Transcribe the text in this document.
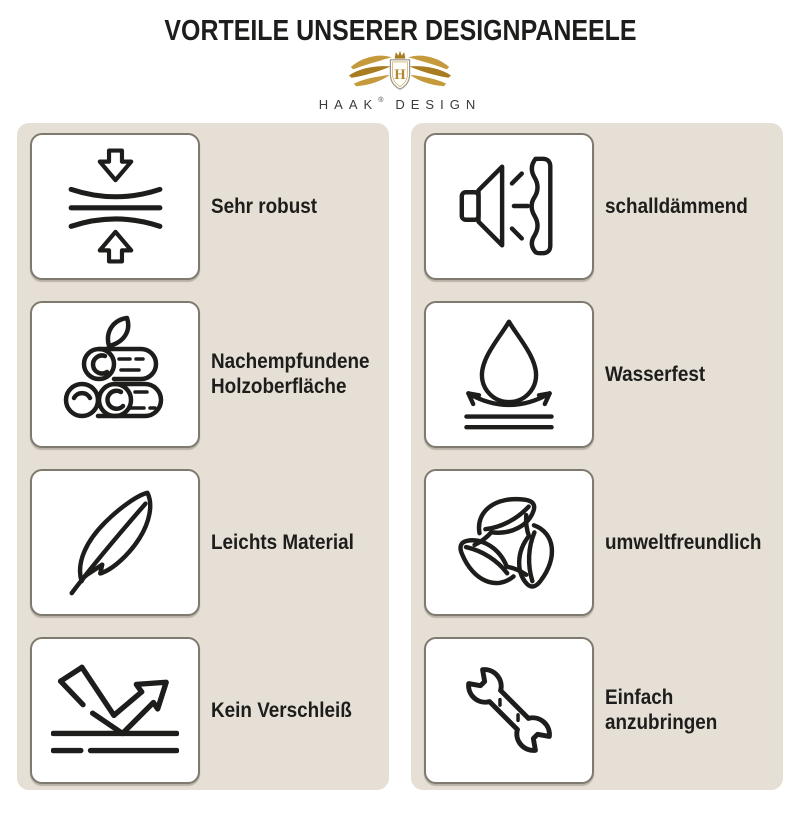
VORTEILE UNSERER DESIGNPANEELE
H
HAAK® DESIGN
Sehr robust
Nachempfundene Holzoberfläche
Leichts Material
Kein Verschleiß
schalldämmend
Wasserfest
umweltfreundlich
Einfach anzubringen
